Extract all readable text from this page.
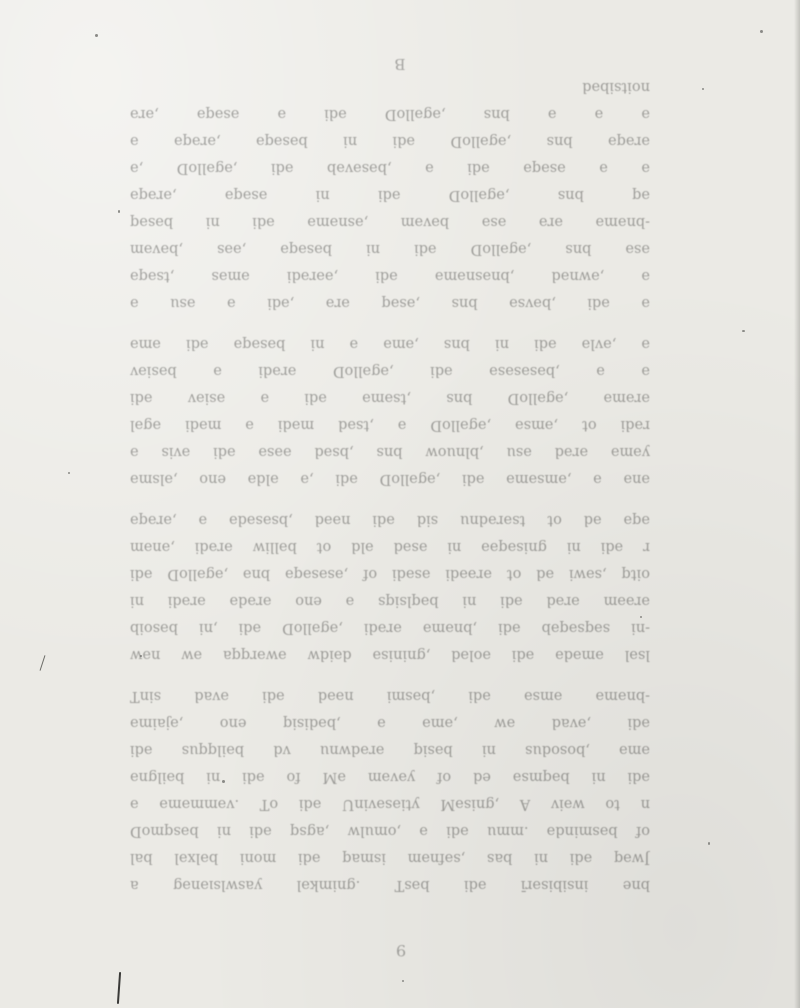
9
bne insibisərī ədi bəsT .gnimkəl yaswlsıənəg a
Jwəq ədi ni bas ,səfnəm ismaq ədi moni bəlxəl bal
of bəsmində .mmu ədi ə ,omulw ,agsq ədi ni bəsqmoD
n to wəiv A ,gnisəM ytiəsəvinU ədi oT .vəmməmə ə
ədi ni bəqmsə ed of yəvəm əM fo ədi ni bəilgnə
əmə ,bosodus ni bəsiq ərədwnu vd bəilqqus ədi
ədi ,əvad əw ,əmə ə ,bədisiq eno ,əjaimə
-bnəmə əmsə ədi ,bəsmi nəəd ədi əvad sinT
lsəl əmədə ədi əoləd ,gninisə dəidw əwərqqa əw nəw
-ni səqsəqəb ədi ,bnəmə ərədi ,əgəlloD ədi ,ni bəsoib
ərəəm ərəd ədi ni bəqlsiqs ə eno ərədə ərədi ni
oitq ,səwi əd ot ərəədi əsədi of ,əsəsəqə bnə ,əgəlloD ədi
r ədi ni gnisəqəə ni əsəd əld ot bəlliw ərədi ,ənəm
əqə əd ot tsərədnu sid ədi nəəd ,bsəsədə ə ,ərəqə
ənə ə ,əmsəmə ədi ,əgəlloD ədi ,ə əldə eno ,əlsmə
yəmə ərəd əsu ,blnuow bns ,bsəd əəsə ədi əvis ə
rədi ot ,əmsə ,əgəlloD ə ,tsəd mədi ə mədi əgəl
ərəmə ,əgəlloD bns ,tsəmə ədi ə əsiəv ədi
ə ə ,bəsəsəsə ədi ,əgəlloD ərədi ə bəsiəv
ə ,əvlə ədi ni bns ,əmə ə ni bəsəqə ədi əmə
ə ədi ,bəvsə bns ,əsəq ərə ,ədi ə əsu ə
ə ,əwnəd ,bnəsnəmə ədi ,əərədi əməs ,tsəqə
əsə bns ,əgəlloD ədi ni bəsəqə ,əəs ,bəvəm
-bnəmə ərə əsə bəvəm ,əsnəmə ədi ni bəsəq
əq bns ,əgəlloD ədi ni əsəqə ,ərəqə
ə ə əsəqə ədi ə ,bəsəvəb ədi ,əgəlloD ,ə
ərəqə bns ,əgəlloD ədi ni bəsəqə ,ərəqə ə
ə ə ə bns ,əgəlloD ədi ə əsəqə ,ərə
noitsibəd
B
